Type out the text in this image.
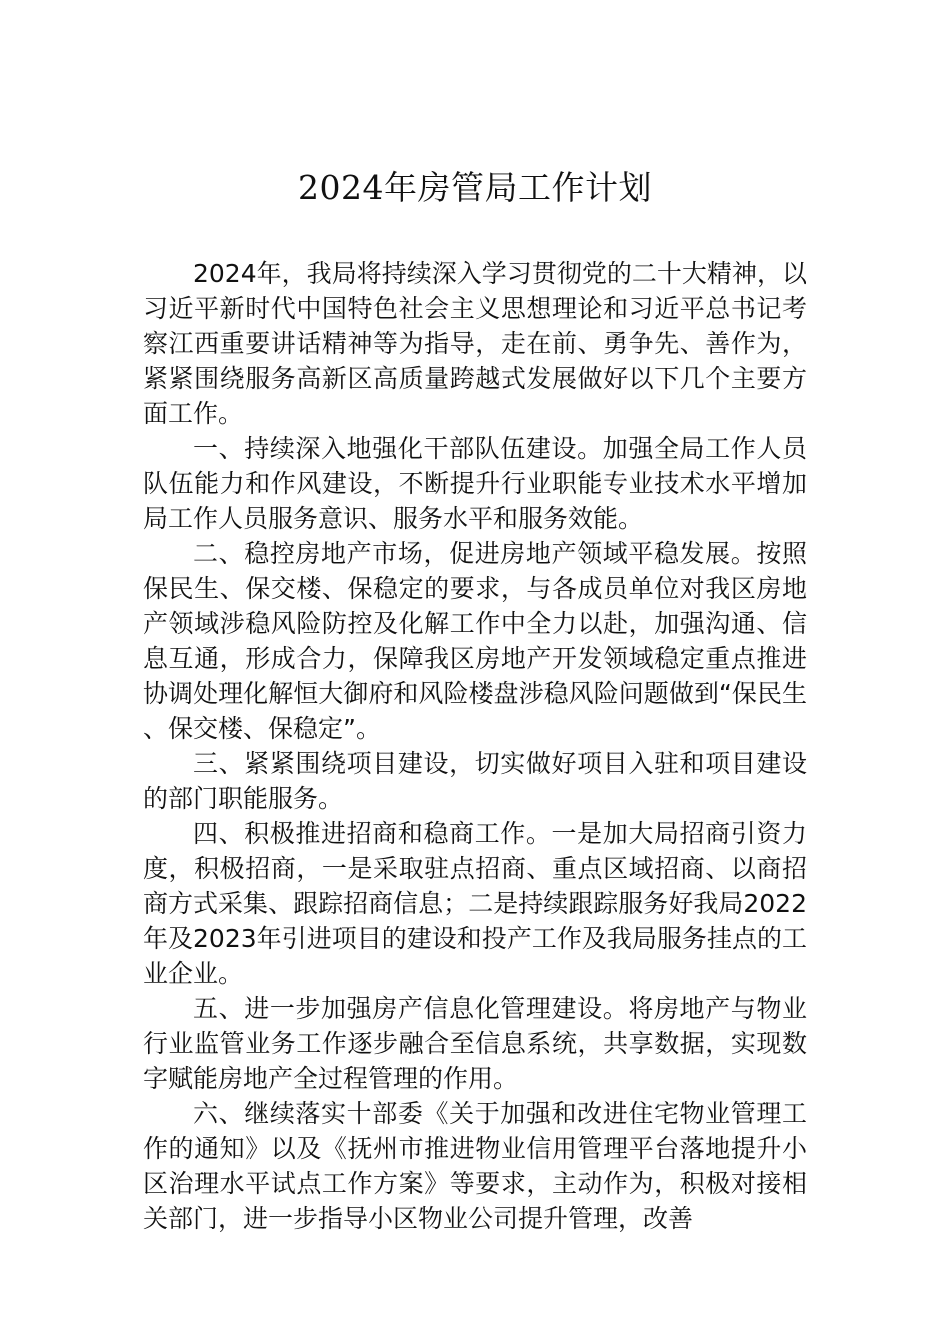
2024年房管局工作计划

2024年，我局将持续深入学习贯彻党的二十大精神，以习近平新时代中国特色社会主义思想理论和习近平总书记考察江西重要讲话精神等为指导，走在前、勇争先、善作为，紧紧围绕服务高新区高质量跨越式发展做好以下几个主要方面工作。

一、持续深入地强化干部队伍建设。加强全局工作人员队伍能力和作风建设，不断提升行业职能专业技术水平增加局工作人员服务意识、服务水平和服务效能。

二、稳控房地产市场，促进房地产领域平稳发展。按照保民生、保交楼、保稳定的要求，与各成员单位对我区房地产领域涉稳风险防控及化解工作中全力以赴，加强沟通、信息互通，形成合力，保障我区房地产开发领域稳定重点推进协调处理化解恒大御府和风险楼盘涉稳风险问题做到“保民生、保交楼、保稳定”。

三、紧紧围绕项目建设，切实做好项目入驻和项目建设的部门职能服务。

四、积极推进招商和稳商工作。一是加大局招商引资力度，积极招商，一是采取驻点招商、重点区域招商、以商招商方式采集、跟踪招商信息；二是持续跟踪服务好我局2022年及2023年引进项目的建设和投产工作及我局服务挂点的工业企业。

五、进一步加强房产信息化管理建设。将房地产与物业行业监管业务工作逐步融合至信息系统，共享数据，实现数字赋能房地产全过程管理的作用。

六、继续落实十部委《关于加强和改进住宅物业管理工作的通知》以及《抚州市推进物业信用管理平台落地提升小区治理水平试点工作方案》等要求，主动作为，积极对接相关部门，进一步指导小区物业公司提升管理，改善
